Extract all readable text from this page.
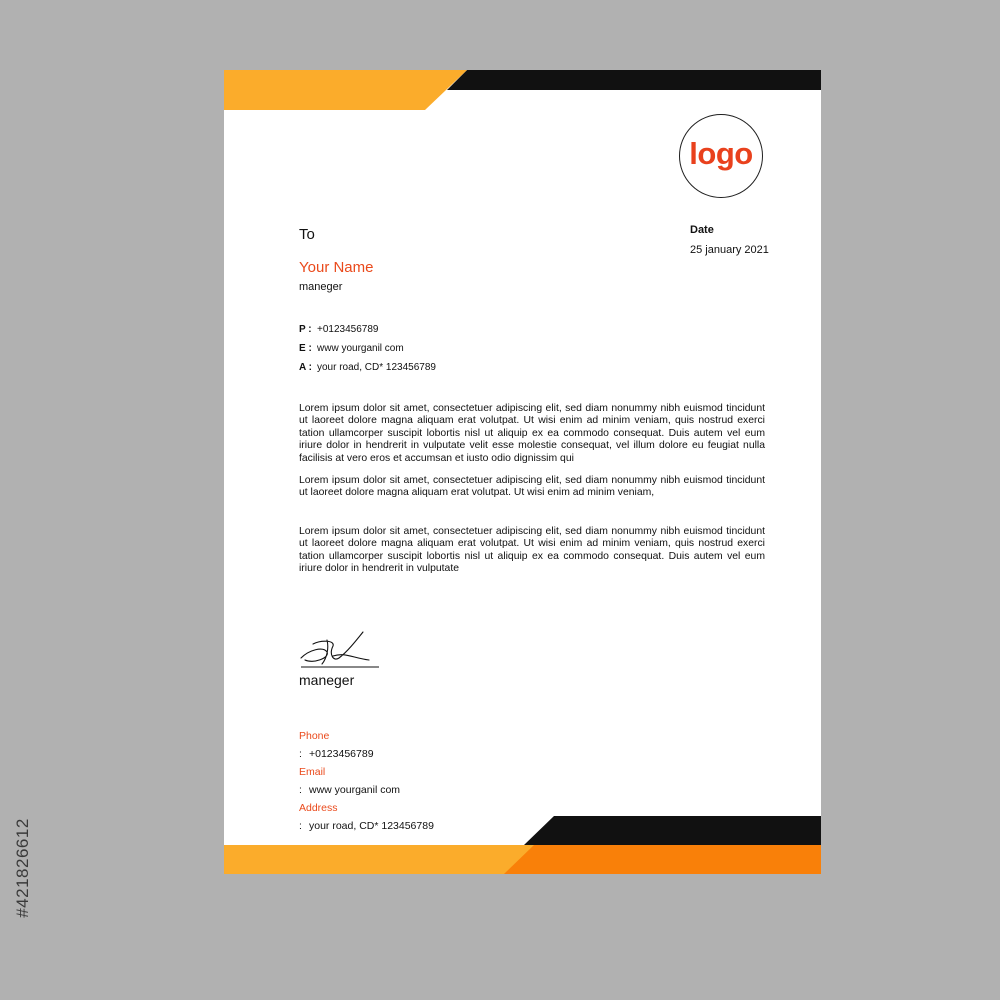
#421826612
logo
Date
25 january 2021
To
Your Name
maneger
P : +0123456789
E : www yourganil com
A : your road, CD* 123456789

Lorem ipsum dolor sit amet, consectetuer adipiscing elit, sed diam nonummy nibh euismod tincidunt ut laoreet dolore magna aliquam erat volutpat. Ut wisi enim ad minim veniam, quis nostrud exerci tation ullamcorper suscipit lobortis nisl ut aliquip ex ea commodo consequat. Duis autem vel eum iriure dolor in hendrerit in vulputate velit esse molestie consequat, vel illum dolore eu feugiat nulla facilisis at vero eros et accumsan et iusto odio dignissim qui

Lorem ipsum dolor sit amet, consectetuer adipiscing elit, sed diam nonummy nibh euismod tincidunt ut laoreet dolore magna aliquam erat volutpat. Ut wisi enim ad minim veniam,

Lorem ipsum dolor sit amet, consectetuer adipiscing elit, sed diam nonummy nibh euismod tincidunt ut laoreet dolore magna aliquam erat volutpat. Ut wisi enim ad minim veniam, quis nostrud exerci tation ullamcorper suscipit lobortis nisl ut aliquip ex ea commodo consequat. Duis autem vel eum iriure dolor in hendrerit in vulputate

maneger
Phone
: +0123456789
Email
: www yourganil com
Address
: your road, CD* 123456789
